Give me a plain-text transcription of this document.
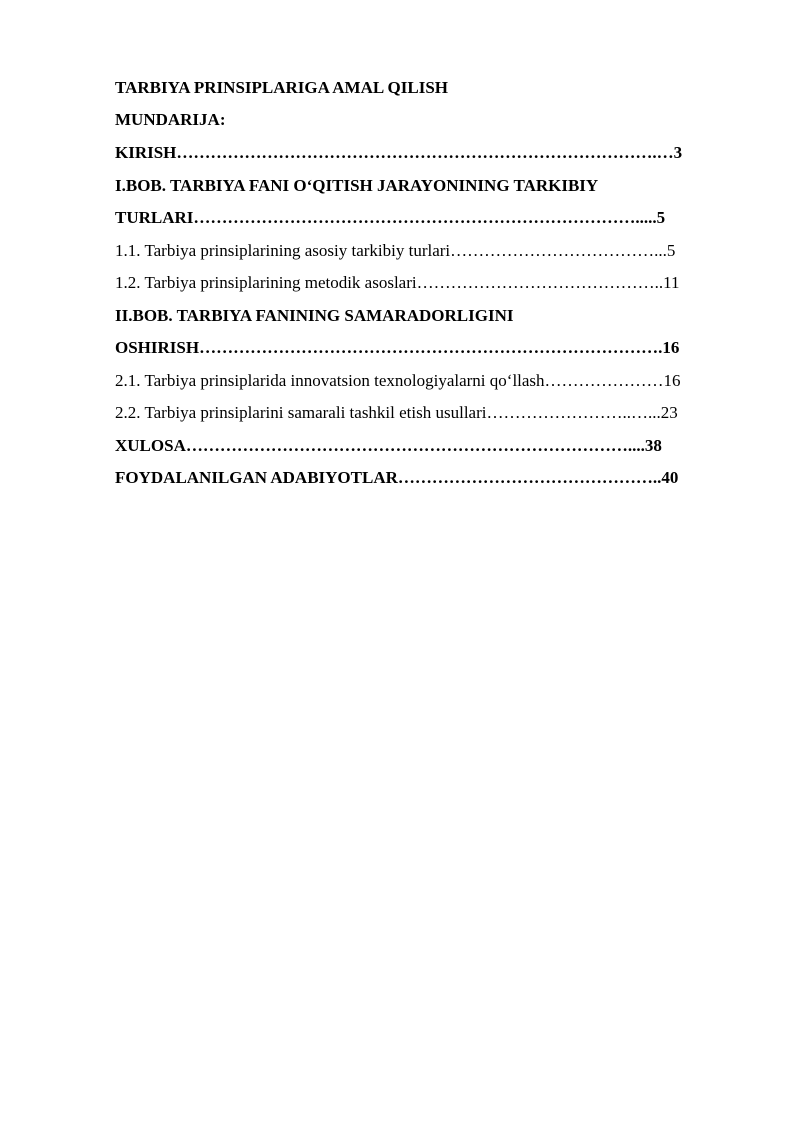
TARBIYA PRINSIPLARIGA AMAL QILISH
MUNDARIJA:
KIRISH………………………………………………………………………….…3
I.BOB. TARBIYA FANI O‘QITISH JARAYONINING TARKIBIY
TURLARI…………………………………………………………………….....5
1.1. Tarbiya prinsiplarining asosiy tarkibiy turlari………………………………...5
1.2. Tarbiya prinsiplarining metodik asoslari……………………………………..11
II.BOB. TARBIYA FANINING SAMARADORLIGINI
OSHIRISH……………………………………………………………………….16
2.1. Tarbiya prinsiplarida innovatsion texnologiyalarni qo‘llash…………………16
2.2. Tarbiya prinsiplarini samarali tashkil etish usullari……………………..…...23
XULOSA……………………………………………………………………....38
FOYDALANILGAN ADABIYOTLAR………………………………………..40
